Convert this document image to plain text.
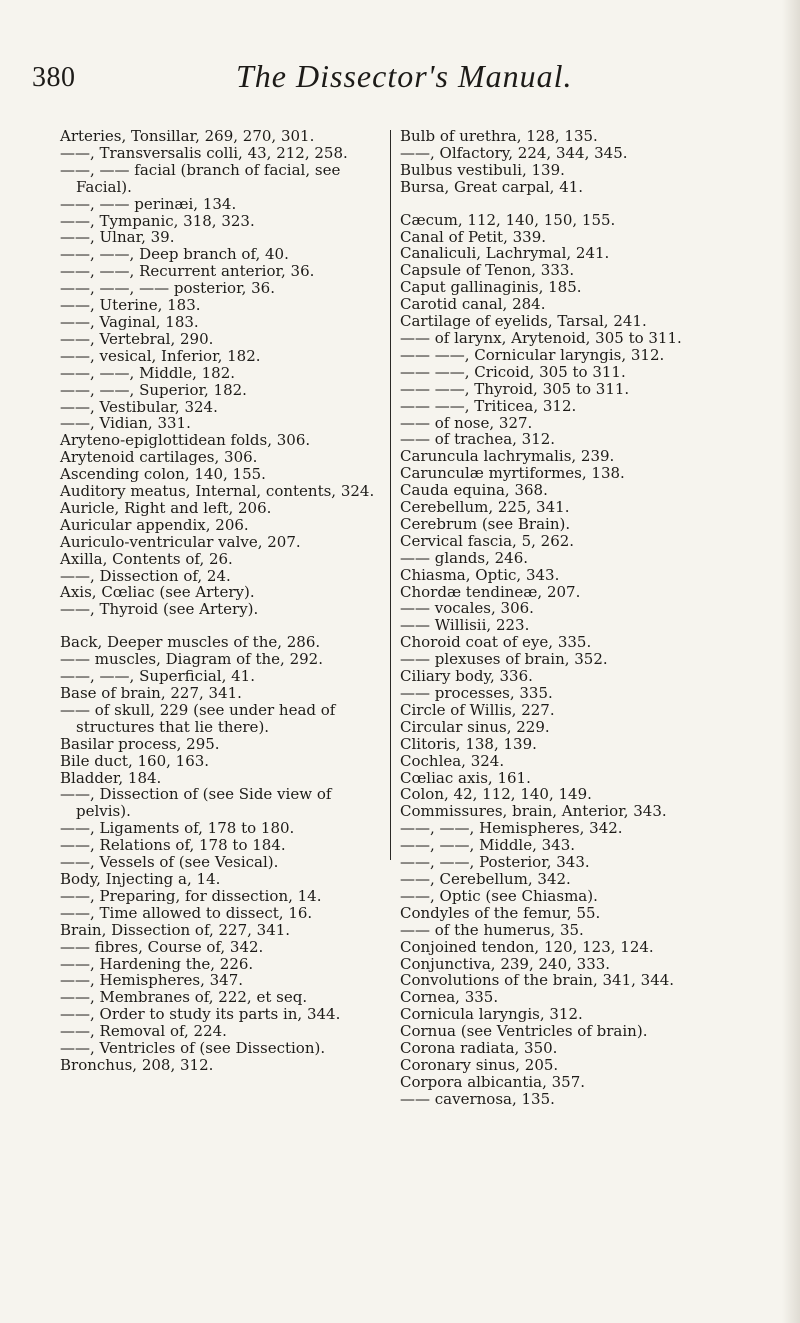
380	The Dissector's Manual.
Arteries, Tonsillar, 269, 270, 301.
——, Transversalis colli, 43, 212, 258.
——, —— facial (branch of facial, see Facial).
——, —— perinæi, 134.
——, Tympanic, 318, 323.
——, Ulnar, 39.
——, ——, Deep branch of, 40.
——, ——, Recurrent anterior, 36.
——, ——, —— posterior, 36.
——, Uterine, 183.
——, Vaginal, 183.
——, Vertebral, 290.
——, vesical, Inferior, 182.
——, ——, Middle, 182.
——, ——, Superior, 182.
——, Vestibular, 324.
——, Vidian, 331.
Aryteno-epiglottidean folds, 306.
Arytenoid cartilages, 306.
Ascending colon, 140, 155.
Auditory meatus, Internal, contents, 324.
Auricle, Right and left, 206.
Auricular appendix, 206.
Auriculo-ventricular valve, 207.
Axilla, Contents of, 26.
——, Dissection of, 24.
Axis, Cœliac (see Artery).
——, Thyroid (see Artery).
Back, Deeper muscles of the, 286.
—— muscles, Diagram of the, 292.
——, ——, Superficial, 41.
Base of brain, 227, 341.
—— of skull, 229 (see under head of structures that lie there).
Basilar process, 295.
Bile duct, 160, 163.
Bladder, 184.
——, Dissection of (see Side view of pelvis).
——, Ligaments of, 178 to 180.
——, Relations of, 178 to 184.
——, Vessels of (see Vesical).
Body, Injecting a, 14.
——, Preparing, for dissection, 14.
——, Time allowed to dissect, 16.
Brain, Dissection of, 227, 341.
—— fibres, Course of, 342.
——, Hardening the, 226.
——, Hemispheres, 347.
——, Membranes of, 222, et seq.
——, Order to study its parts in, 344.
——, Removal of, 224.
——, Ventricles of (see Dissection).
Bronchus, 208, 312.
Bulb of urethra, 128, 135.
——, Olfactory, 224, 344, 345.
Bulbus vestibuli, 139.
Bursa, Great carpal, 41.
Cæcum, 112, 140, 150, 155.
Canal of Petit, 339.
Canaliculi, Lachrymal, 241.
Capsule of Tenon, 333.
Caput gallinaginis, 185.
Carotid canal, 284.
Cartilage of eyelids, Tarsal, 241.
—— of larynx, Arytenoid, 305 to 311.
—— ——, Cornicular laryngis, 312.
—— ——, Cricoid, 305 to 311.
—— ——, Thyroid, 305 to 311.
—— ——, Triticea, 312.
—— of nose, 327.
—— of trachea, 312.
Caruncula lachrymalis, 239.
Carunculæ myrtiformes, 138.
Cauda equina, 368.
Cerebellum, 225, 341.
Cerebrum (see Brain).
Cervical fascia, 5, 262.
—— glands, 246.
Chiasma, Optic, 343.
Chordæ tendineæ, 207.
—— vocales, 306.
—— Willisii, 223.
Choroid coat of eye, 335.
—— plexuses of brain, 352.
Ciliary body, 336.
—— processes, 335.
Circle of Willis, 227.
Circular sinus, 229.
Clitoris, 138, 139.
Cochlea, 324.
Cœliac axis, 161.
Colon, 42, 112, 140, 149.
Commissures, brain, Anterior, 343.
——, ——, Hemispheres, 342.
——, ——, Middle, 343.
——, ——, Posterior, 343.
——, Cerebellum, 342.
——, Optic (see Chiasma).
Condyles of the femur, 55.
—— of the humerus, 35.
Conjoined tendon, 120, 123, 124.
Conjunctiva, 239, 240, 333.
Convolutions of the brain, 341, 344.
Cornea, 335.
Cornicula laryngis, 312.
Cornua (see Ventricles of brain).
Corona radiata, 350.
Coronary sinus, 205.
Corpora albicantia, 357.
—— cavernosa, 135.
